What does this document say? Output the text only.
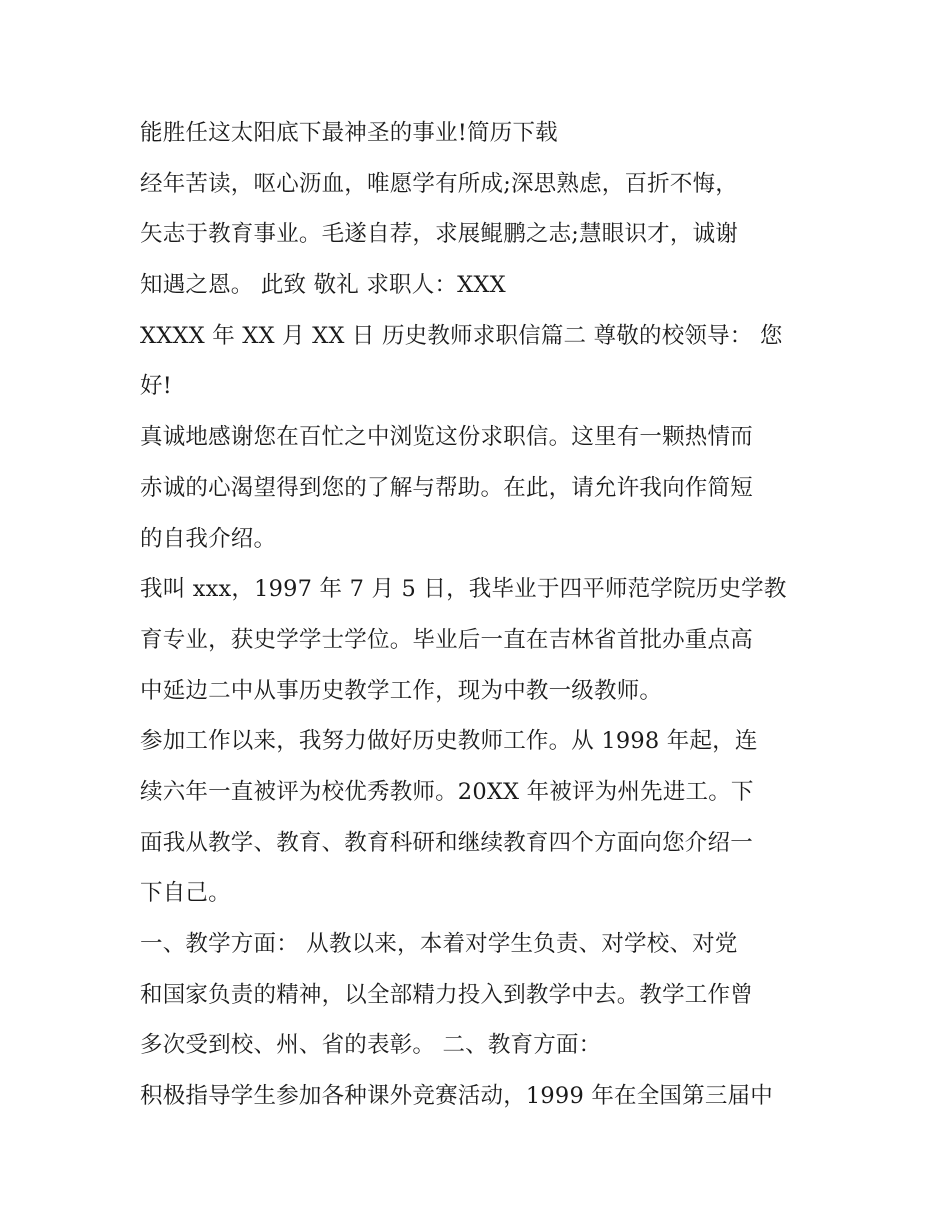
能胜任这太阳底下最神圣的事业!简历下载
经年苦读，呕心沥血，唯愿学有所成;深思熟虑，百折不悔，
矢志于教育事业。毛遂自荐，求展鲲鹏之志;慧眼识才，诚谢
知遇之恩。 此致 敬礼 求职人：XXX
XXXX 年 XX 月 XX 日 历史教师求职信篇二 尊敬的校领导： 您
好!
真诚地感谢您在百忙之中浏览这份求职信。这里有一颗热情而
赤诚的心渴望得到您的了解与帮助。在此，请允许我向作简短
的自我介绍。
我叫 xxx，1997 年 7 月 5 日，我毕业于四平师范学院历史学教
育专业，获史学学士学位。毕业后一直在吉林省首批办重点高
中延边二中从事历史教学工作，现为中教一级教师。
参加工作以来，我努力做好历史教师工作。从 1998 年起，连
续六年一直被评为校优秀教师。20XX 年被评为州先进工。下
面我从教学、教育、教育科研和继续教育四个方面向您介绍一
下自己。
一、教学方面： 从教以来，本着对学生负责、对学校、对党
和国家负责的精神，以全部精力投入到教学中去。教学工作曾
多次受到校、州、省的表彰。 二、教育方面：
积极指导学生参加各种课外竞赛活动，1999 年在全国第三届中
